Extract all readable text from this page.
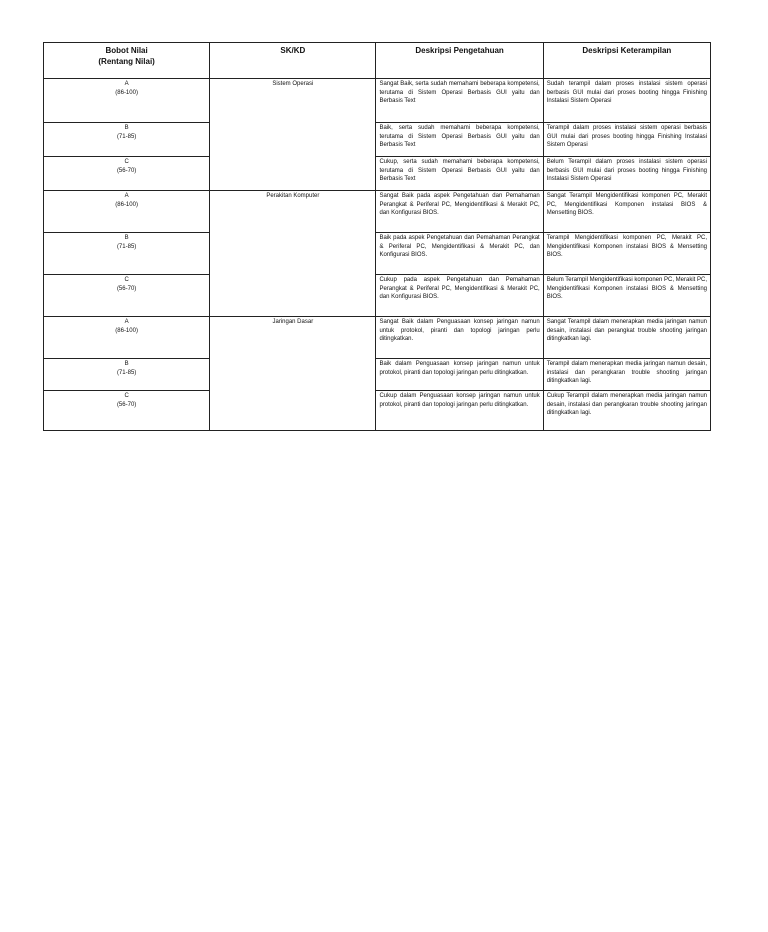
Bobot Nilai
(Rentang Nilai)	SK/KD	Deskripsi Pengetahuan	Deskripsi Keterampilan

A
(86-100)	Sistem Operasi	Sangat Baik, serta sudah memahami beberapa kompetensi, terutama di Sistem Operasi Berbasis GUI yaitu dan Berbasis Text	Sudah terampil dalam proses instalasi sistem operasi berbasis GUI mulai dari proses booting hingga Finishing Instalasi Sistem Operasi

B
(71-85)		Baik, serta sudah memahami beberapa kompetensi, terutama di Sistem Operasi Berbasis GUI yaitu dan Berbasis Text	Terampil dalam proses instalasi sistem operasi berbasis GUI mulai dari proses booting hingga Finishing Instalasi Sistem Operasi

C
(56-70)		Cukup, serta sudah memahami beberapa kompetensi, terutama di Sistem Operasi Berbasis GUI yaitu dan Berbasis Text	Belum Terampil dalam proses instalasi sistem operasi berbasis GUI mulai dari proses booting hingga Finishing Instalasi Sistem Operasi

A
(86-100)	Perakitan Komputer	Sangat Baik pada aspek Pengetahuan dan Pemahaman Perangkat & Periferal PC, Mengidentifikasi & Merakit PC, dan Konfigurasi BIOS.	Sangat Terampil Mengidentifikasi komponen PC, Merakit PC, Mengidentifikasi Komponen instalasi BIOS & Mensetting BIOS.

B
(71-85)		Baik pada aspek Pengetahuan dan Pemahaman Perangkat & Periferal PC, Mengidentifikasi & Merakit PC, dan Konfigurasi BIOS.	Terampil Mengidentifikasi komponen PC, Merakit PC, Mengidentifikasi Komponen instalasi BIOS & Mensetting BIOS.

C
(56-70)		Cukup pada aspek Pengetahuan dan Pemahaman Perangkat & Periferal PC, Mengidentifikasi & Merakit PC, dan Konfigurasi BIOS.	Belum Terampil Mengidentifikasi komponen PC, Merakit PC, Mengidentifikasi Komponen instalasi BIOS & Mensetting BIOS.

A
(86-100)	Jaringan Dasar	Sangat Baik dalam Penguasaan konsep jaringan namun untuk protokol, piranti dan topologi jaringan perlu ditingkatkan.	Sangat Terampil dalam menerapkan media jaringan namun desain, instalasi dan perangkat trouble shooting jaringan ditingkatkan lagi.

B
(71-85)		Baik dalam Penguasaan konsep jaringan namun untuk protokol, piranti dan topologi jaringan perlu ditingkatkan.	Terampil dalam menerapkan media jaringan namun desain, instalasi dan perangkaran trouble shooting jaringan ditingkatkan lagi.

C
(56-70)		Cukup dalam Penguasaan konsep jaringan namun untuk protokol, piranti dan topologi jaringan perlu ditingkatkan.	Cukup Terampil dalam menerapkan media jaringan namun desain, instalasi dan perangkaran trouble shooting jaringan ditingkatkan lagi.
